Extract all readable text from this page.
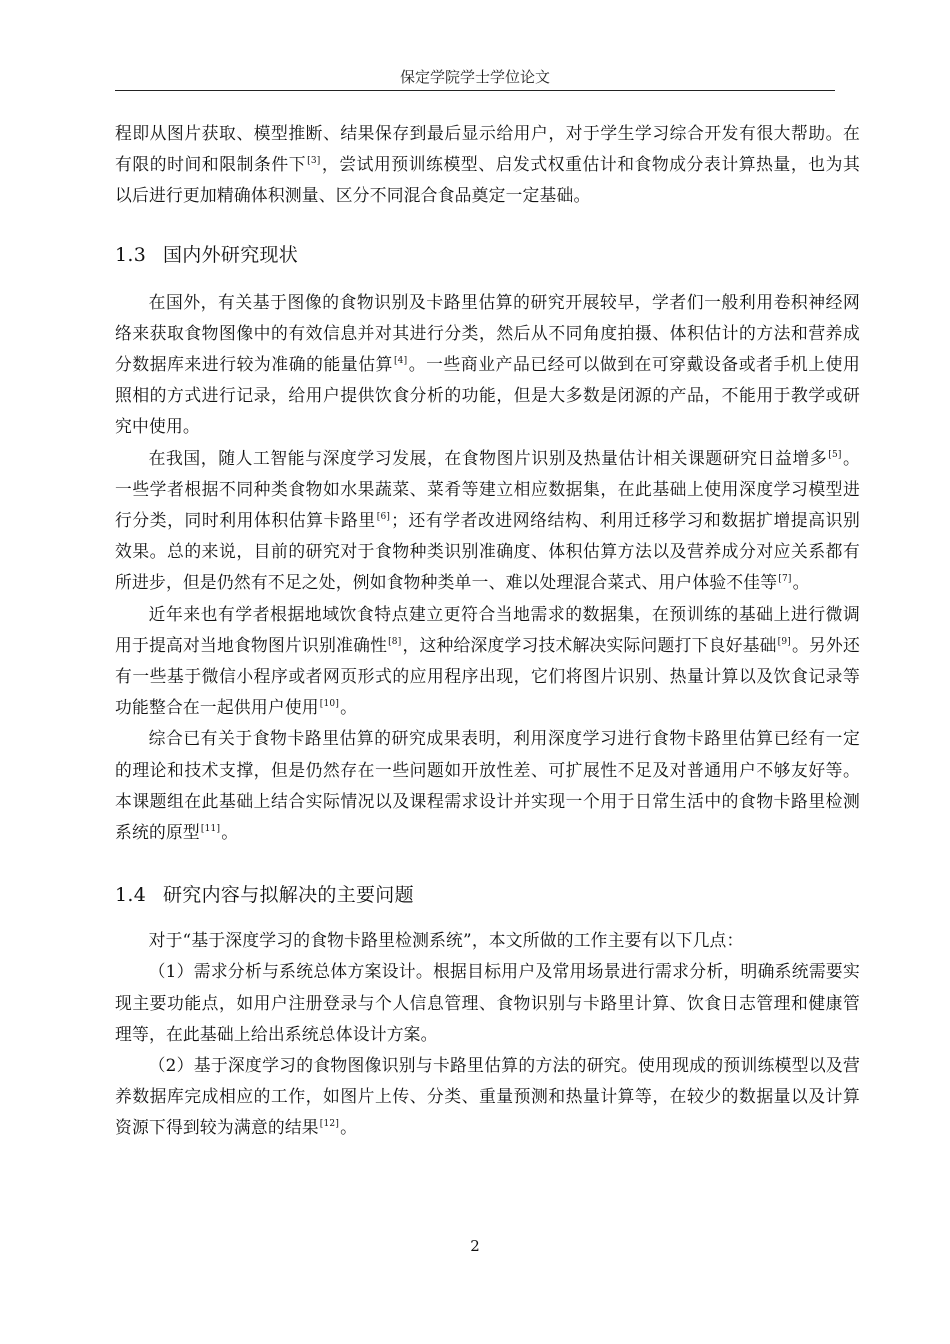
保定学院学士学位论文

程即从图片获取、模型推断、结果保存到最后显示给用户，对于学生学习综合开发有很大帮助。在有限的时间和限制条件下[3]，尝试用预训练模型、启发式权重估计和食物成分表计算热量，也为其以后进行更加精确体积测量、区分不同混合食品奠定一定基础。

1.3 国内外研究现状

在国外，有关基于图像的食物识别及卡路里估算的研究开展较早，学者们一般利用卷积神经网络来获取食物图像中的有效信息并对其进行分类，然后从不同角度拍摄、体积估计的方法和营养成分数据库来进行较为准确的能量估算[4]。一些商业产品已经可以做到在可穿戴设备或者手机上使用照相的方式进行记录，给用户提供饮食分析的功能，但是大多数是闭源的产品，不能用于教学或研究中使用。

在我国，随人工智能与深度学习发展，在食物图片识别及热量估计相关课题研究日益增多[5]。一些学者根据不同种类食物如水果蔬菜、菜肴等建立相应数据集，在此基础上使用深度学习模型进行分类，同时利用体积估算卡路里[6]；还有学者改进网络结构、利用迁移学习和数据扩增提高识别效果。总的来说，目前的研究对于食物种类识别准确度、体积估算方法以及营养成分对应关系都有所进步，但是仍然有不足之处，例如食物种类单一、难以处理混合菜式、用户体验不佳等[7]。

近年来也有学者根据地域饮食特点建立更符合当地需求的数据集，在预训练的基础上进行微调用于提高对当地食物图片识别准确性[8]，这种给深度学习技术解决实际问题打下良好基础[9]。另外还有一些基于微信小程序或者网页形式的应用程序出现，它们将图片识别、热量计算以及饮食记录等功能整合在一起供用户使用[10]。

综合已有关于食物卡路里估算的研究成果表明，利用深度学习进行食物卡路里估算已经有一定的理论和技术支撑，但是仍然存在一些问题如开放性差、可扩展性不足及对普通用户不够友好等。本课题组在此基础上结合实际情况以及课程需求设计并实现一个用于日常生活中的食物卡路里检测系统的原型[11]。

1.4 研究内容与拟解决的主要问题

对于“基于深度学习的食物卡路里检测系统”，本文所做的工作主要有以下几点：

（1）需求分析与系统总体方案设计。根据目标用户及常用场景进行需求分析，明确系统需要实现主要功能点，如用户注册登录与个人信息管理、食物识别与卡路里计算、饮食日志管理和健康管理等，在此基础上给出系统总体设计方案。

（2）基于深度学习的食物图像识别与卡路里估算的方法的研究。使用现成的预训练模型以及营养数据库完成相应的工作，如图片上传、分类、重量预测和热量计算等，在较少的数据量以及计算资源下得到较为满意的结果[12]。

2
